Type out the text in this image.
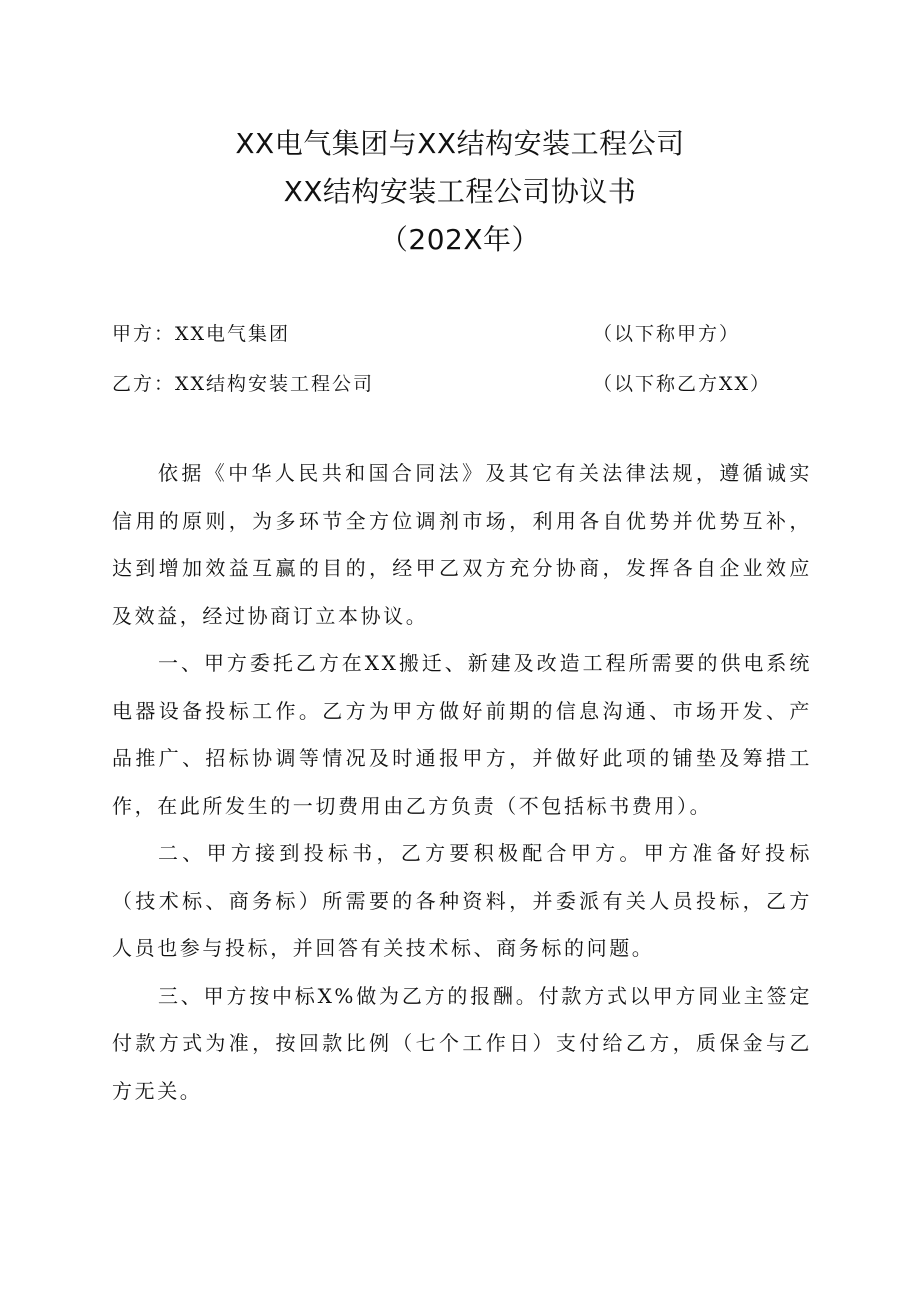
XX电气集团与XX结构安装工程公司
XX结构安装工程公司协议书
（202X年）
甲方：XX电气集团	（以下称甲方）
乙方：XX结构安装工程公司	（以下称乙方XX）

依据《中华人民共和国合同法》及其它有关法律法规，遵循诚实信用的原则，为多环节全方位调剂市场，利用各自优势并优势互补，达到增加效益互赢的目的，经甲乙双方充分协商，发挥各自企业效应及效益，经过协商订立本协议。

一、甲方委托乙方在XX搬迁、新建及改造工程所需要的供电系统电器设备投标工作。乙方为甲方做好前期的信息沟通、市场开发、产品推广、招标协调等情况及时通报甲方，并做好此项的铺垫及筹措工作，在此所发生的一切费用由乙方负责（不包括标书费用）。

二、甲方接到投标书，乙方要积极配合甲方。甲方准备好投标（技术标、商务标）所需要的各种资料，并委派有关人员投标，乙方人员也参与投标，并回答有关技术标、商务标的问题。

三、甲方按中标X%做为乙方的报酬。付款方式以甲方同业主签定付款方式为准，按回款比例（七个工作日）支付给乙方，质保金与乙方无关。
